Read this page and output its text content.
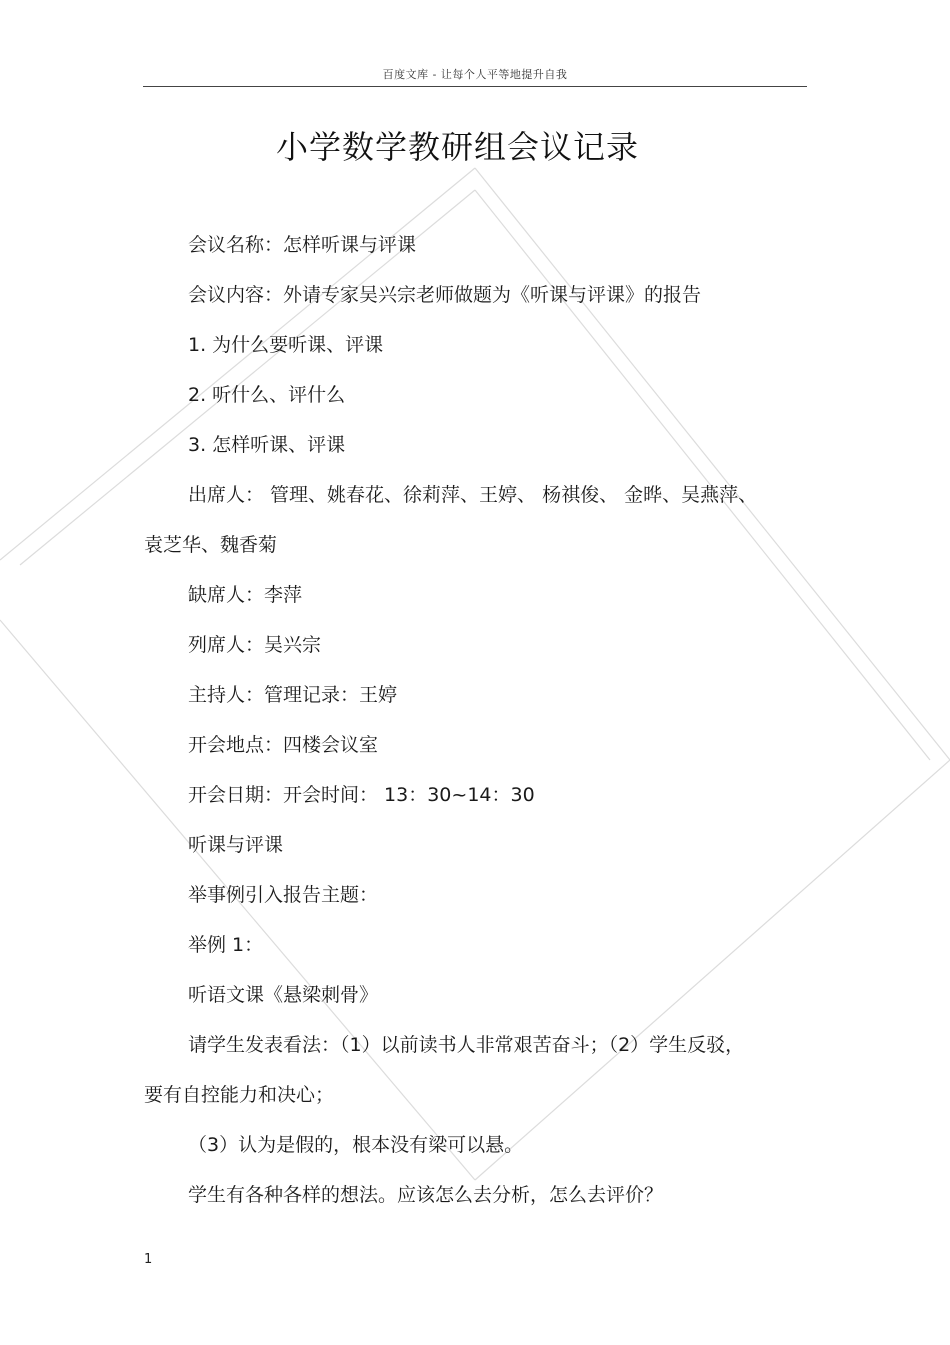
百度文库 - 让每个人平等地提升自我
小学数学教研组会议记录
会议名称：怎样听课与评课
会议内容：外请专家吴兴宗老师做题为《听课与评课》的报告
1. 为什么要听课、评课
2. 听什么、评什么
3. 怎样听课、评课
出席人： 管理、姚春花、徐莉萍、王婷、 杨祺俊、 金晔、吴燕萍、
袁芝华、魏香菊
缺席人：李萍
列席人：吴兴宗
主持人：管理记录：王婷
开会地点：四楼会议室
开会日期：开会时间： 13：30~14：30
听课与评课
举事例引入报告主题：
举例 1：
听语文课《悬梁刺骨》
请学生发表看法：（1）以前读书人非常艰苦奋斗；（2）学生反驳，
要有自控能力和决心；
（3）认为是假的，根本没有梁可以悬。
学生有各种各样的想法。应该怎么去分析，怎么去评价？
1
